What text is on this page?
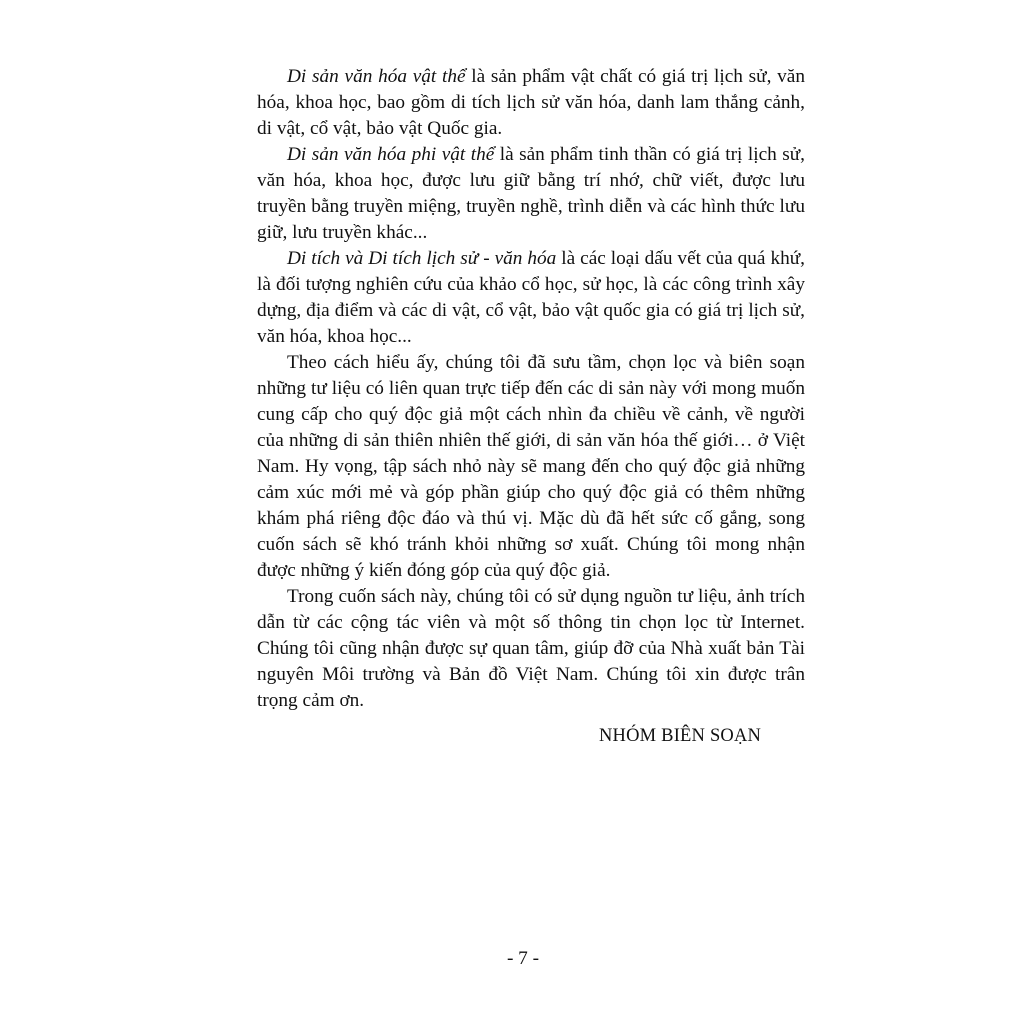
Di sản văn hóa vật thể là sản phẩm vật chất có giá trị lịch sử, văn hóa, khoa học, bao gồm di tích lịch sử văn hóa, danh lam thắng cảnh, di vật, cổ vật, bảo vật Quốc gia.

Di sản văn hóa phi vật thể là sản phẩm tinh thần có giá trị lịch sử, văn hóa, khoa học, được lưu giữ bằng trí nhớ, chữ viết, được lưu truyền bằng truyền miệng, truyền nghề, trình diễn và các hình thức lưu giữ, lưu truyền khác...

Di tích và Di tích lịch sử - văn hóa là các loại dấu vết của quá khứ, là đối tượng nghiên cứu của khảo cổ học, sử học, là các công trình xây dựng, địa điểm và các di vật, cổ vật, bảo vật quốc gia có giá trị lịch sử, văn hóa, khoa học...

Theo cách hiểu ấy, chúng tôi đã sưu tầm, chọn lọc và biên soạn những tư liệu có liên quan trực tiếp đến các di sản này với mong muốn cung cấp cho quý độc giả một cách nhìn đa chiều về cảnh, về người của những di sản thiên nhiên thế giới, di sản văn hóa thế giới… ở Việt Nam. Hy vọng, tập sách nhỏ này sẽ mang đến cho quý độc giả những cảm xúc mới mẻ và góp phần giúp cho quý độc giả có thêm những khám phá riêng độc đáo và thú vị. Mặc dù đã hết sức cố gắng, song cuốn sách sẽ khó tránh khỏi những sơ xuất. Chúng tôi mong nhận được những ý kiến đóng góp của quý độc giả.

Trong cuốn sách này, chúng tôi có sử dụng nguồn tư liệu, ảnh trích dẫn từ các cộng tác viên và một số thông tin chọn lọc từ Internet. Chúng tôi cũng nhận được sự quan tâm, giúp đỡ của Nhà xuất bản Tài nguyên Môi trường và Bản đồ Việt Nam. Chúng tôi xin được trân trọng cảm ơn.

NHÓM BIÊN SOẠN
- 7 -
